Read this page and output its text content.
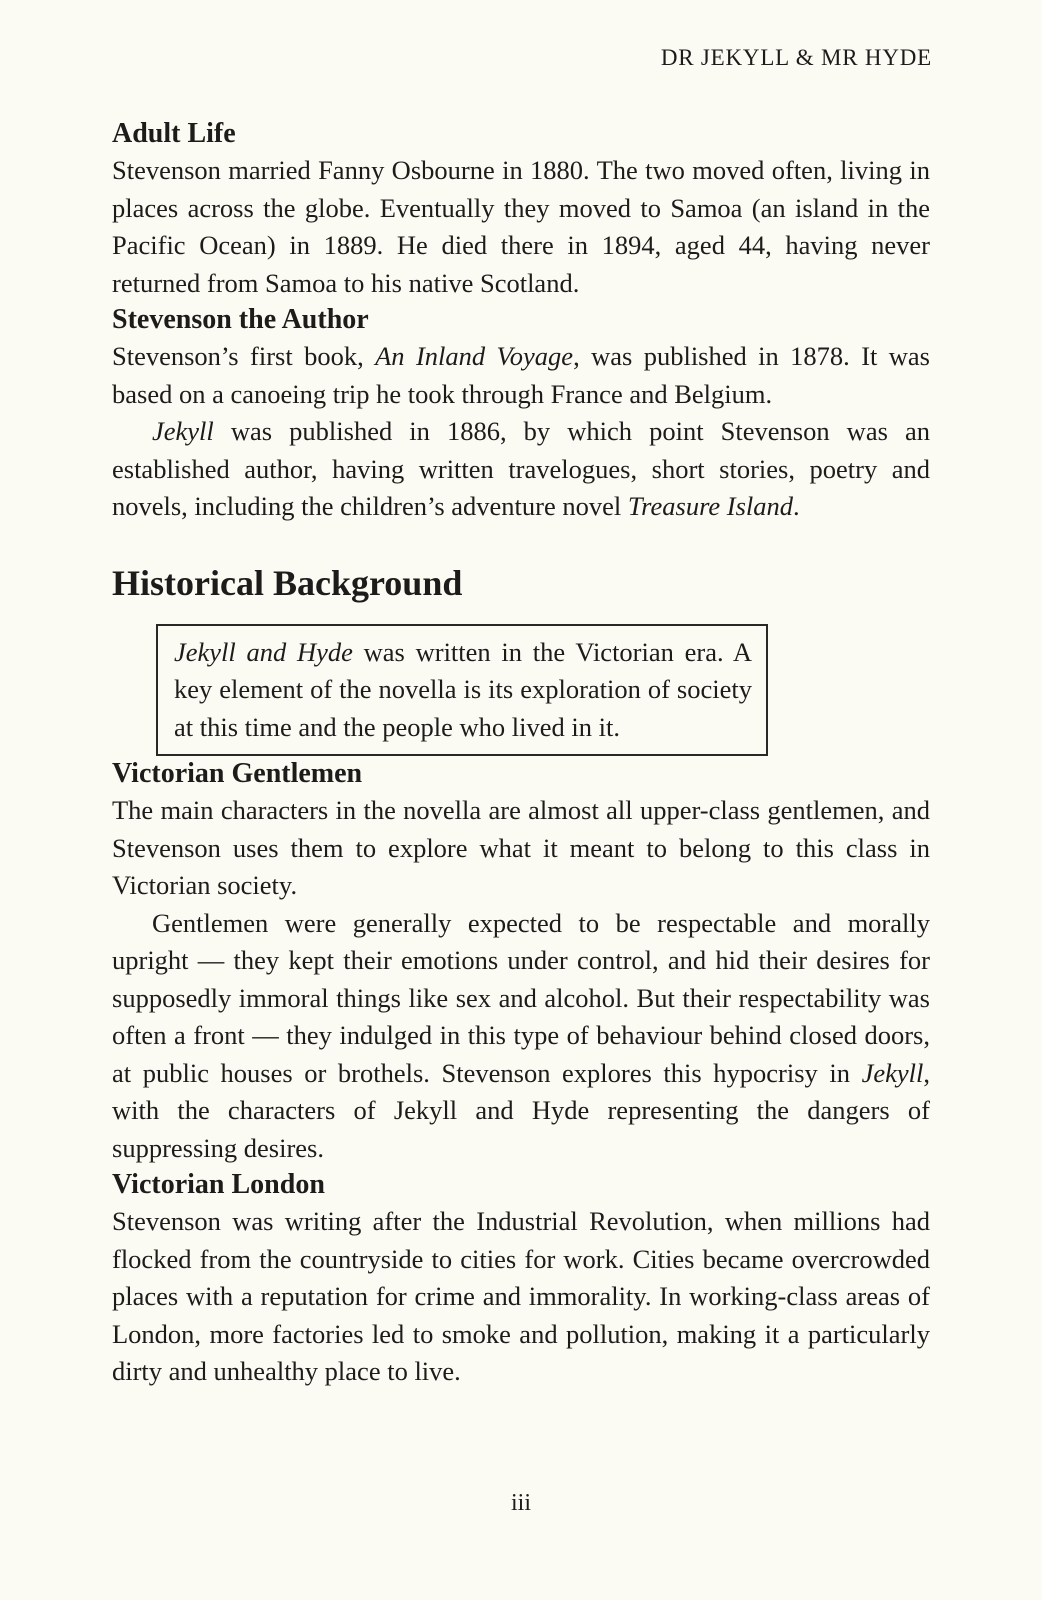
DR JEKYLL & MR HYDE
Adult Life

Stevenson married Fanny Osbourne in 1880. The two moved often, living in places across the globe. Eventually they moved to Samoa (an island in the Pacific Ocean) in 1889. He died there in 1894, aged 44, having never returned from Samoa to his native Scotland.

Stevenson the Author

Stevenson’s first book, An Inland Voyage, was published in 1878. It was based on a canoeing trip he took through France and Belgium.

Jekyll was published in 1886, by which point Stevenson was an established author, having written travelogues, short stories, poetry and novels, including the children’s adventure novel Treasure Island.

Historical Background

Jekyll and Hyde was written in the Victorian era. A key element of the novella is its exploration of society at this time and the people who lived in it.

Victorian Gentlemen

The main characters in the novella are almost all upper-class gentlemen, and Stevenson uses them to explore what it meant to belong to this class in Victorian society.

Gentlemen were generally expected to be respectable and morally upright — they kept their emotions under control, and hid their desires for supposedly immoral things like sex and alcohol. But their respectability was often a front — they indulged in this type of behaviour behind closed doors, at public houses or brothels. Stevenson explores this hypocrisy in Jekyll, with the characters of Jekyll and Hyde representing the dangers of suppressing desires.

Victorian London

Stevenson was writing after the Industrial Revolution, when millions had flocked from the countryside to cities for work. Cities became overcrowded places with a reputation for crime and immorality. In working-class areas of London, more factories led to smoke and pollution, making it a particularly dirty and unhealthy place to live.

iii
